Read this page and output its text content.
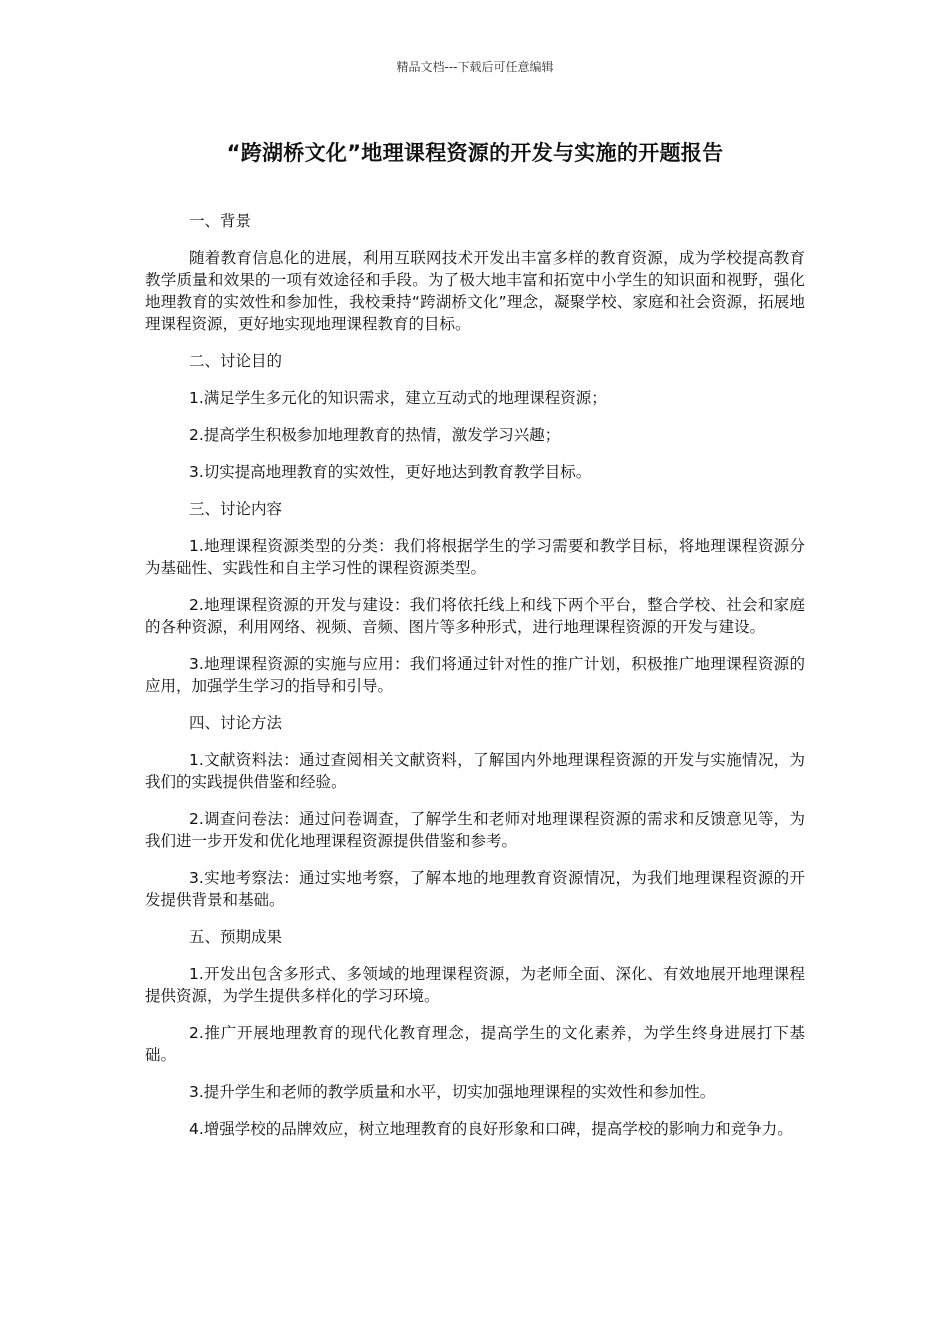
精品文档---下载后可任意编辑
“跨湖桥文化”地理课程资源的开发与实施的开题报告

一、背景

随着教育信息化的进展，利用互联网技术开发出丰富多样的教育资源，成为学校提高教育教学质量和效果的一项有效途径和手段。为了极大地丰富和拓宽中小学生的知识面和视野，强化地理教育的实效性和参加性，我校秉持“跨湖桥文化”理念，凝聚学校、家庭和社会资源，拓展地理课程资源，更好地实现地理课程教育的目标。

二、讨论目的

1.满足学生多元化的知识需求，建立互动式的地理课程资源；

2.提高学生积极参加地理教育的热情，激发学习兴趣；

3.切实提高地理教育的实效性，更好地达到教育教学目标。

三、讨论内容

1.地理课程资源类型的分类：我们将根据学生的学习需要和教学目标，将地理课程资源分为基础性、实践性和自主学习性的课程资源类型。

2.地理课程资源的开发与建设：我们将依托线上和线下两个平台，整合学校、社会和家庭的各种资源，利用网络、视频、音频、图片等多种形式，进行地理课程资源的开发与建设。

3.地理课程资源的实施与应用：我们将通过针对性的推广计划，积极推广地理课程资源的应用，加强学生学习的指导和引导。

四、讨论方法

1.文献资料法：通过查阅相关文献资料，了解国内外地理课程资源的开发与实施情况，为我们的实践提供借鉴和经验。

2.调查问卷法：通过问卷调查，了解学生和老师对地理课程资源的需求和反馈意见等，为我们进一步开发和优化地理课程资源提供借鉴和参考。

3.实地考察法：通过实地考察，了解本地的地理教育资源情况，为我们地理课程资源的开发提供背景和基础。

五、预期成果

1.开发出包含多形式、多领域的地理课程资源，为老师全面、深化、有效地展开地理课程提供资源，为学生提供多样化的学习环境。

2.推广开展地理教育的现代化教育理念，提高学生的文化素养，为学生终身进展打下基础。

3.提升学生和老师的教学质量和水平，切实加强地理课程的实效性和参加性。

4.增强学校的品牌效应，树立地理教育的良好形象和口碑，提高学校的影响力和竞争力。
